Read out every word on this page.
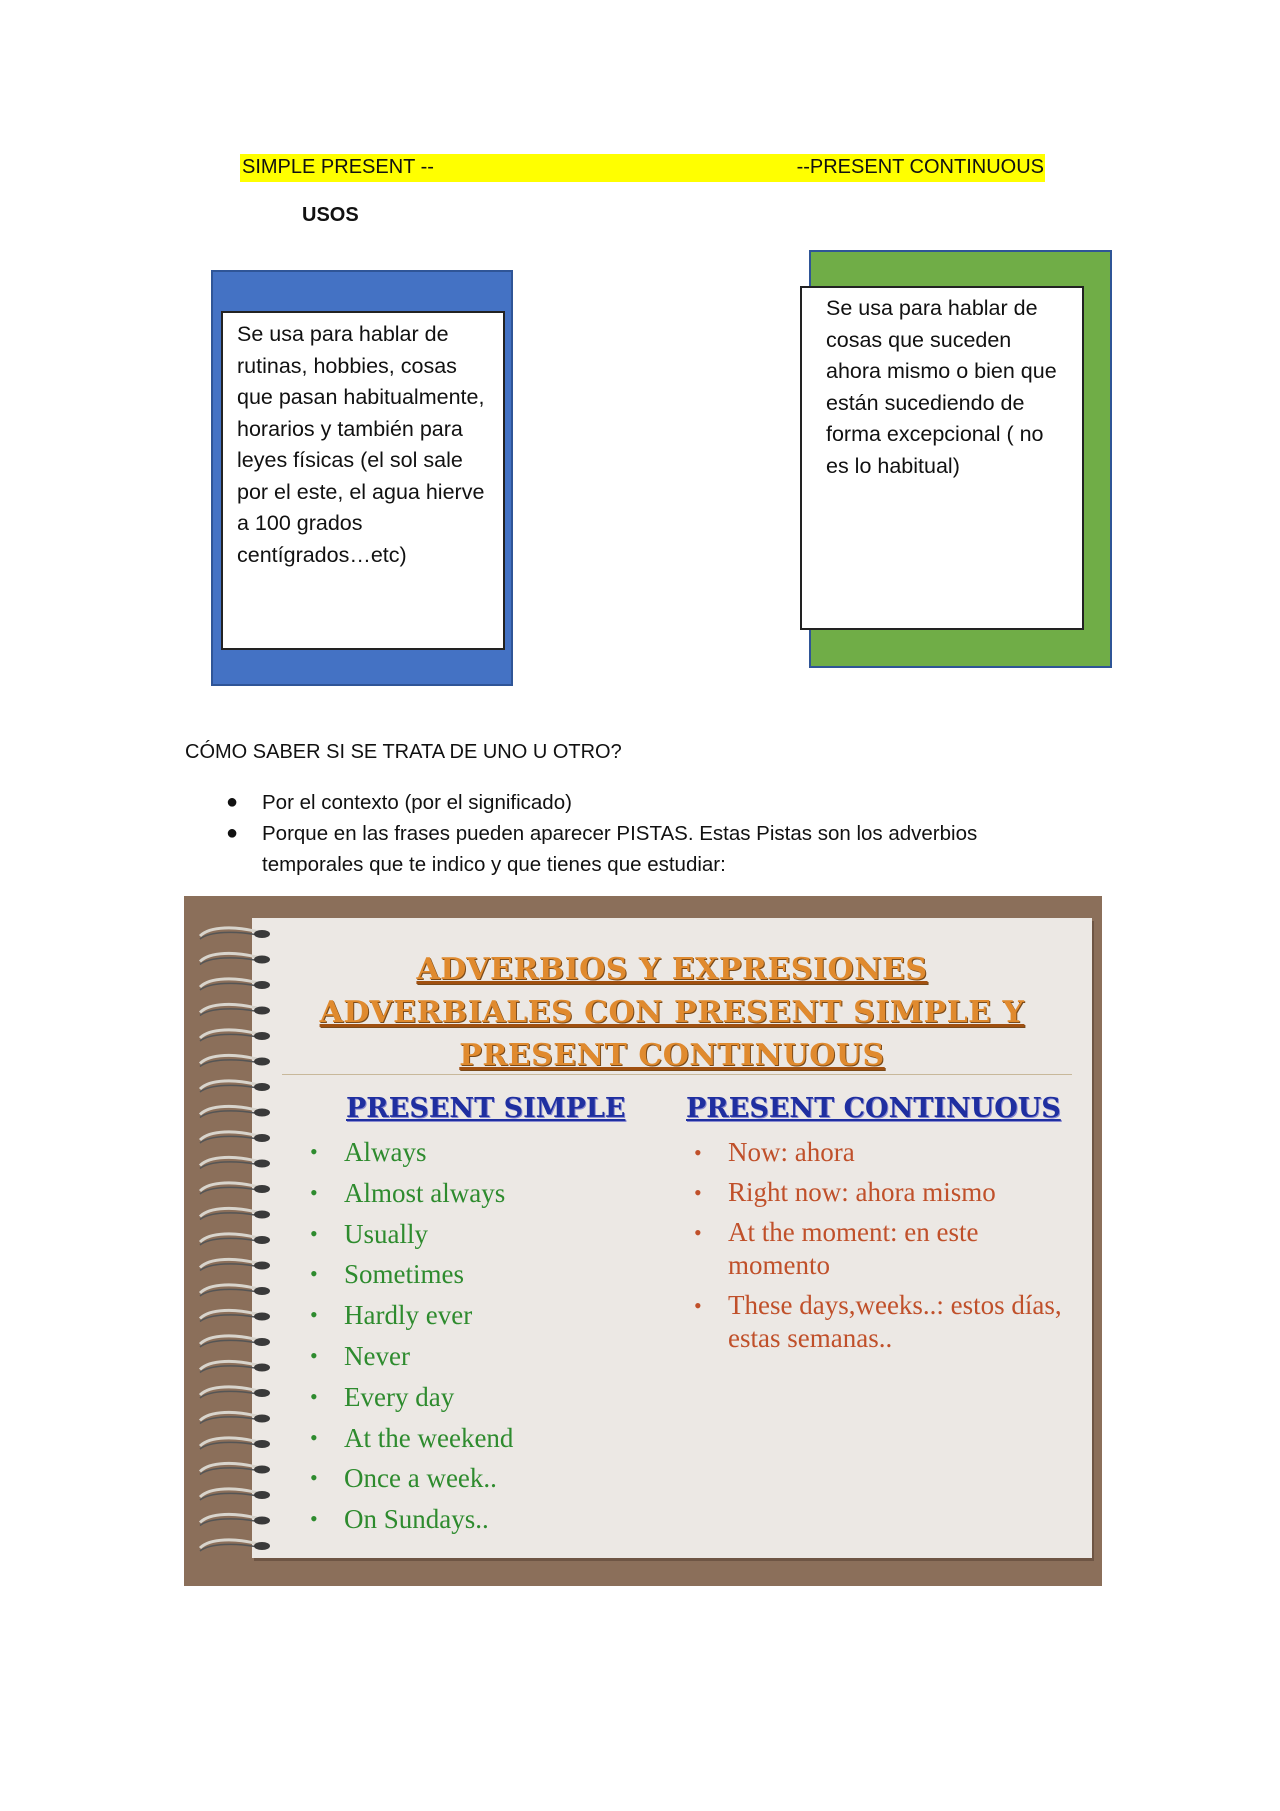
SIMPLE PRESENT --	--PRESENT CONTINUOUS
USOS
Se usa para hablar de rutinas, hobbies, cosas que pasan habitualmente, horarios y también para leyes físicas (el sol sale por el este, el agua hierve a 100 grados centígrados…etc)
Se usa para hablar de cosas que suceden ahora mismo o bien que están sucediendo de forma excepcional ( no es lo habitual)
CÓMO SABER SI SE TRATA DE UNO U OTRO?
● Por el contexto (por el significado)
● Porque en las frases pueden aparecer PISTAS. Estas Pistas son los adverbios temporales que te indico y que tienes que estudiar:
ADVERBIOS Y EXPRESIONES
ADVERBIALES CON PRESENT SIMPLE Y
PRESENT CONTINUOUS
PRESENT SIMPLE
• Always
• Almost always
• Usually
• Sometimes
• Hardly ever
• Never
• Every day
• At the weekend
• Once a week..
• On Sundays..
PRESENT CONTINUOUS
• Now: ahora
• Right now: ahora mismo
• At the moment: en este momento
• These days,weeks..: estos días, estas semanas..
